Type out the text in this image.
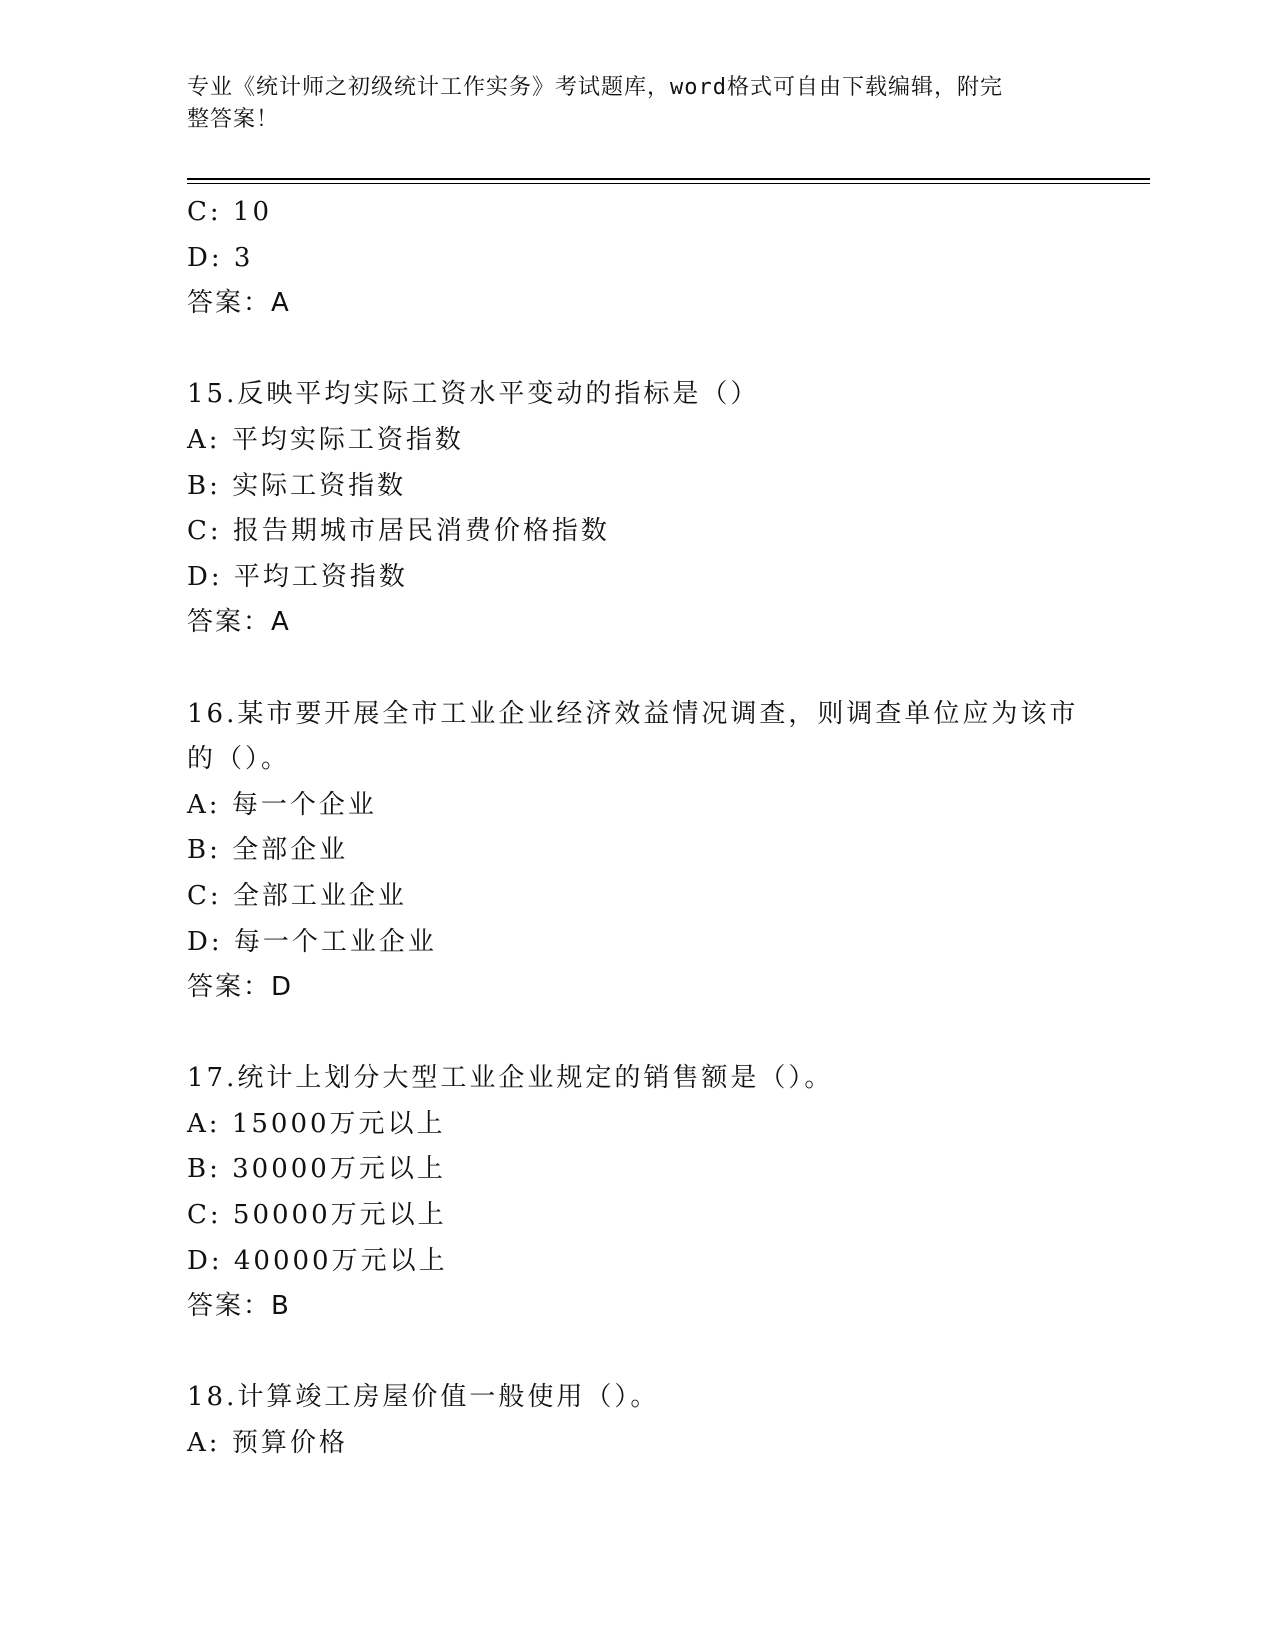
专业《统计师之初级统计工作实务》考试题库，word格式可自由下载编辑，附完
整答案！
C: 10
D: 3
答案：A
15.反映平均实际工资水平变动的指标是（）
A: 平均实际工资指数
B: 实际工资指数
C: 报告期城市居民消费价格指数
D: 平均工资指数
答案：A
16.某市要开展全市工业企业经济效益情况调查，则调查单位应为该市
的（）。
A: 每一个企业
B: 全部企业
C: 全部工业企业
D: 每一个工业企业
答案：D
17.统计上划分大型工业企业规定的销售额是（）。
A: 15000万元以上
B: 30000万元以上
C: 50000万元以上
D: 40000万元以上
答案：B
18.计算竣工房屋价值一般使用（）。
A: 预算价格
